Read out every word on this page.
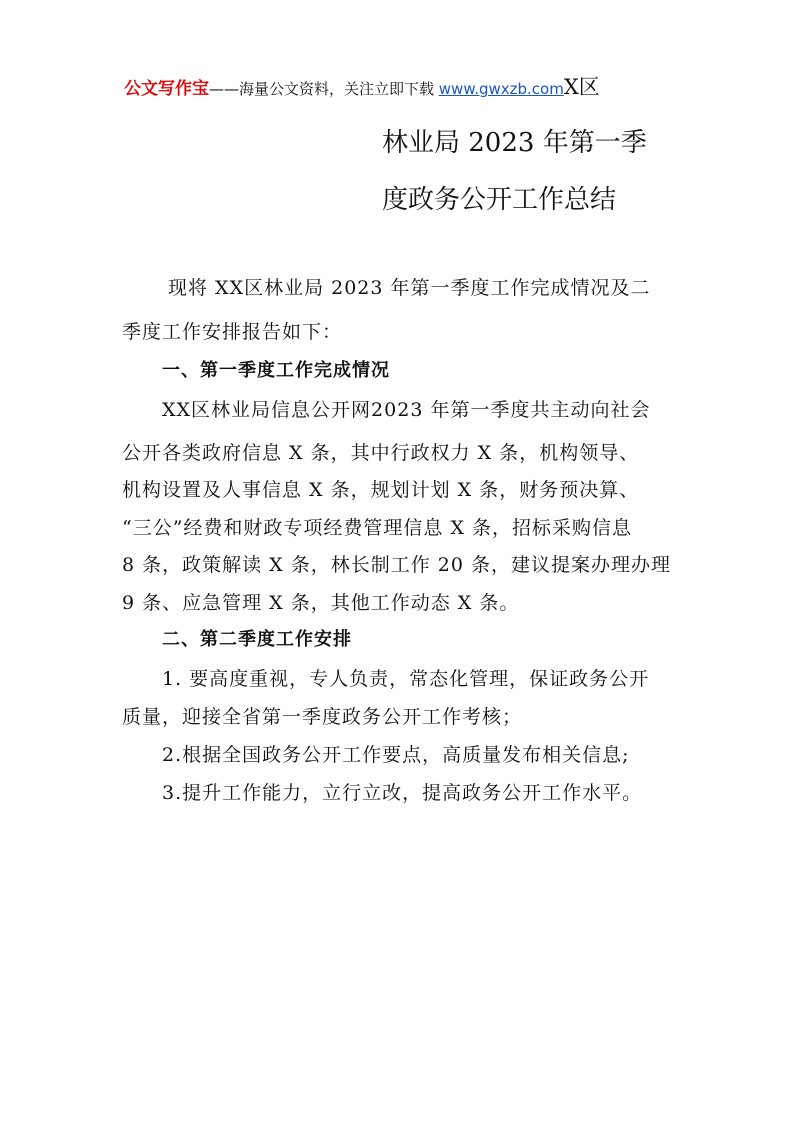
公文写作宝——海量公文资料，关注立即下载 www.gwxzb.comX区
林业局 2023 年第一季
度政务公开工作总结
现将 XX区林业局 2023 年第一季度工作完成情况及二
季度工作安排报告如下：
一、第一季度工作完成情况
XX区林业局信息公开网2023 年第一季度共主动向社会
公开各类政府信息 X 条，其中行政权力 X 条，机构领导、
机构设置及人事信息 X 条，规划计划 X 条，财务预决算、
“三公”经费和财政专项经费管理信息 X 条，招标采购信息
8 条，政策解读 X 条，林长制工作 20 条，建议提案办理办理
9 条、应急管理 X 条，其他工作动态 X 条。
二、第二季度工作安排
1. 要高度重视，专人负责，常态化管理，保证政务公开
质量，迎接全省第一季度政务公开工作考核；
2.根据全国政务公开工作要点，高质量发布相关信息;
3.提升工作能力，立行立改，提高政务公开工作水平。
